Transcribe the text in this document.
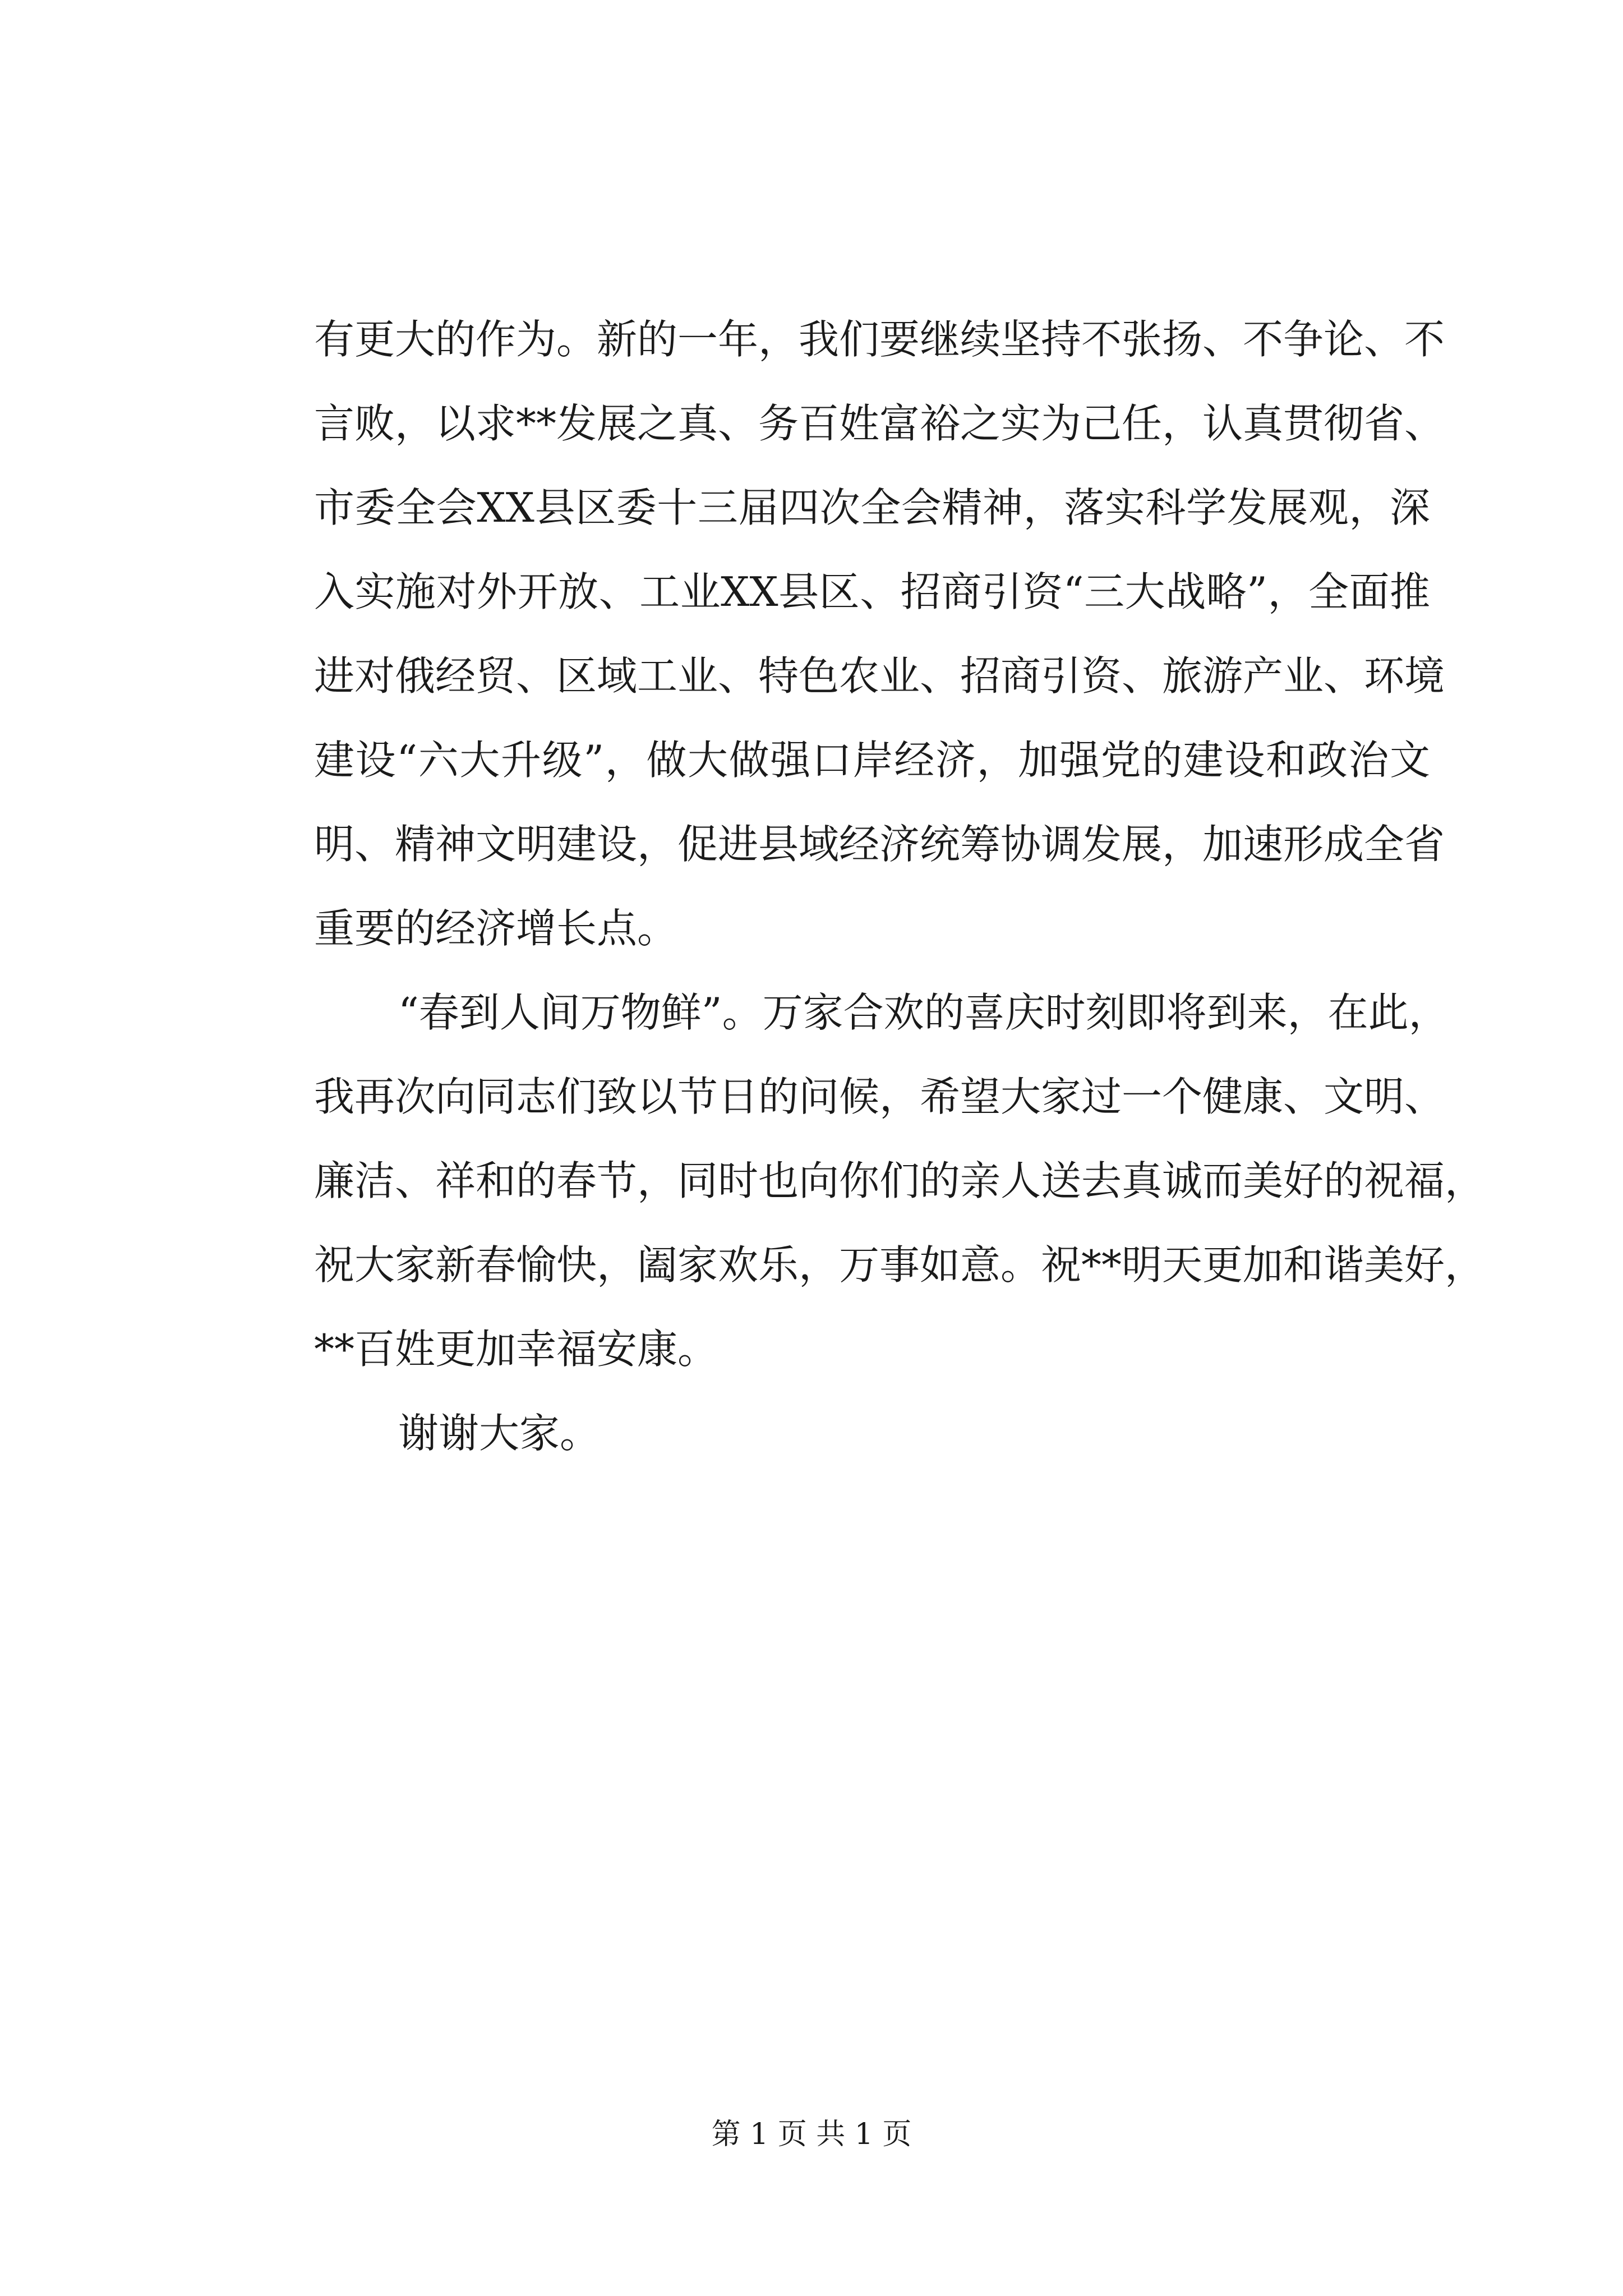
有更大的作为。新的一年，我们要继续坚持不张扬、不争论、不
言败，以求**发展之真、务百姓富裕之实为己任，认真贯彻省、
市委全会XX县区委十三届四次全会精神，落实科学发展观，深
入实施对外开放、工业XX县区、招商引资“三大战略”，全面推
进对俄经贸、区域工业、特色农业、招商引资、旅游产业、环境
建设“六大升级”，做大做强口岸经济，加强党的建设和政治文
明、精神文明建设，促进县域经济统筹协调发展，加速形成全省
重要的经济增长点。
“春到人间万物鲜”。万家合欢的喜庆时刻即将到来，在此，
我再次向同志们致以节日的问候，希望大家过一个健康、文明、
廉洁、祥和的春节，同时也向你们的亲人送去真诚而美好的祝福，
祝大家新春愉快，阖家欢乐，万事如意。祝**明天更加和谐美好，
**百姓更加幸福安康。
谢谢大家。
第 1 页 共 1 页
